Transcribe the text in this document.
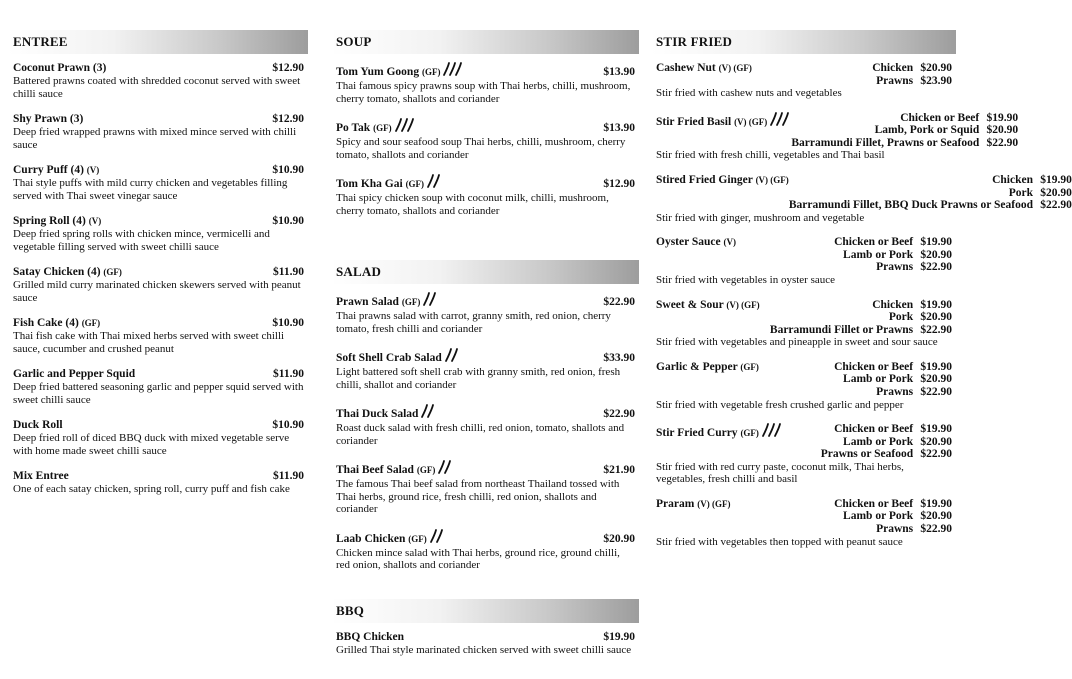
ENTREE
Coconut Prawn (3)	$12.90
Battered prawns coated with shredded coconut served with sweet chilli sauce
Shy Prawn (3)	$12.90
Deep fried wrapped prawns with mixed mince served with chilli sauce
Curry Puff (4) (V)	$10.90
Thai style puffs with mild curry chicken and vegetables filling served with Thai sweet vinegar sauce
Spring Roll (4) (V)	$10.90
Deep fried spring rolls with chicken mince, vermicelli and vegetable filling served with sweet chilli sauce
Satay Chicken (4) (GF)	$11.90
Grilled mild curry marinated chicken skewers served with peanut sauce
Fish Cake (4) (GF)	$10.90
Thai fish cake with Thai mixed herbs served with sweet chilli sauce, cucumber and crushed peanut
Garlic and Pepper Squid	$11.90
Deep fried battered seasoning garlic and pepper squid served with sweet chilli sauce
Duck Roll	$10.90
Deep fried roll of diced BBQ duck with mixed vegetable serve with home made sweet chilli sauce
Mix Entree	$11.90
One of each satay chicken, spring roll, curry puff and fish cake
SOUP
Tom Yum Goong (GF)	$13.90
Thai famous spicy prawns soup with Thai herbs, chilli, mushroom, cherry tomato, shallots and coriander
Po Tak (GF)	$13.90
Spicy and sour seafood soup Thai herbs, chilli, mushroom, cherry tomato, shallots and coriander
Tom Kha Gai (GF)	$12.90
Thai spicy chicken soup with coconut milk, chilli, mushroom, cherry tomato, shallots and coriander
SALAD
Prawn Salad (GF)	$22.90
Thai prawns salad with carrot, granny smith, red onion, cherry tomato, fresh chilli and coriander
Soft Shell Crab Salad	$33.90
Light battered soft shell crab with granny smith, red onion, fresh chilli, shallot and coriander
Thai Duck Salad	$22.90
Roast duck salad with fresh chilli, red onion, tomato, shallots and coriander
Thai Beef Salad (GF)	$21.90
The famous Thai beef salad from northeast Thailand tossed with Thai herbs, ground rice, fresh chilli, red onion, shallots and coriander
Laab Chicken (GF)	$20.90
Chicken mince salad with Thai herbs, ground rice, ground chilli, red onion, shallots and coriander
BBQ
BBQ Chicken	$19.90
Grilled Thai style marinated chicken served with sweet chilli sauce
STIR FRIED
Cashew Nut (V) (GF)	Chicken $20.90
Prawns $23.90
Stir fried with cashew nuts and vegetables
Stir Fried Basil (V) (GF)	Chicken or Beef $19.90
Lamb, Pork or Squid $20.90
Barramundi Fillet, Prawns or Seafood $22.90
Stir fried with fresh chilli, vegetables and Thai basil
Stired Fried Ginger (V) (GF)	Chicken $19.90
Pork $20.90
Barramundi Fillet, BBQ Duck Prawns or Seafood $22.90
Stir fried with ginger, mushroom and vegetable
Oyster Sauce (V)	Chicken or Beef $19.90
Lamb or Pork $20.90
Prawns $22.90
Stir fried with vegetables in oyster sauce
Sweet & Sour (V) (GF)	Chicken $19.90
Pork $20.90
Barramundi Fillet or Prawns $22.90
Stir fried with vegetables and pineapple in sweet and sour sauce
Garlic & Pepper (GF)	Chicken or Beef $19.90
Lamb or Pork $20.90
Prawns $22.90
Stir fried with vegetable fresh crushed garlic and pepper
Stir Fried Curry (GF)	Chicken or Beef $19.90
Lamb or Pork $20.90
Prawns or Seafood $22.90
Stir fried with red curry paste, coconut milk, Thai herbs, vegetables, fresh chilli and basil
Praram (V) (GF)	Chicken or Beef $19.90
Lamb or Pork $20.90
Prawns $22.90
Stir fried with vegetables then topped with peanut sauce
